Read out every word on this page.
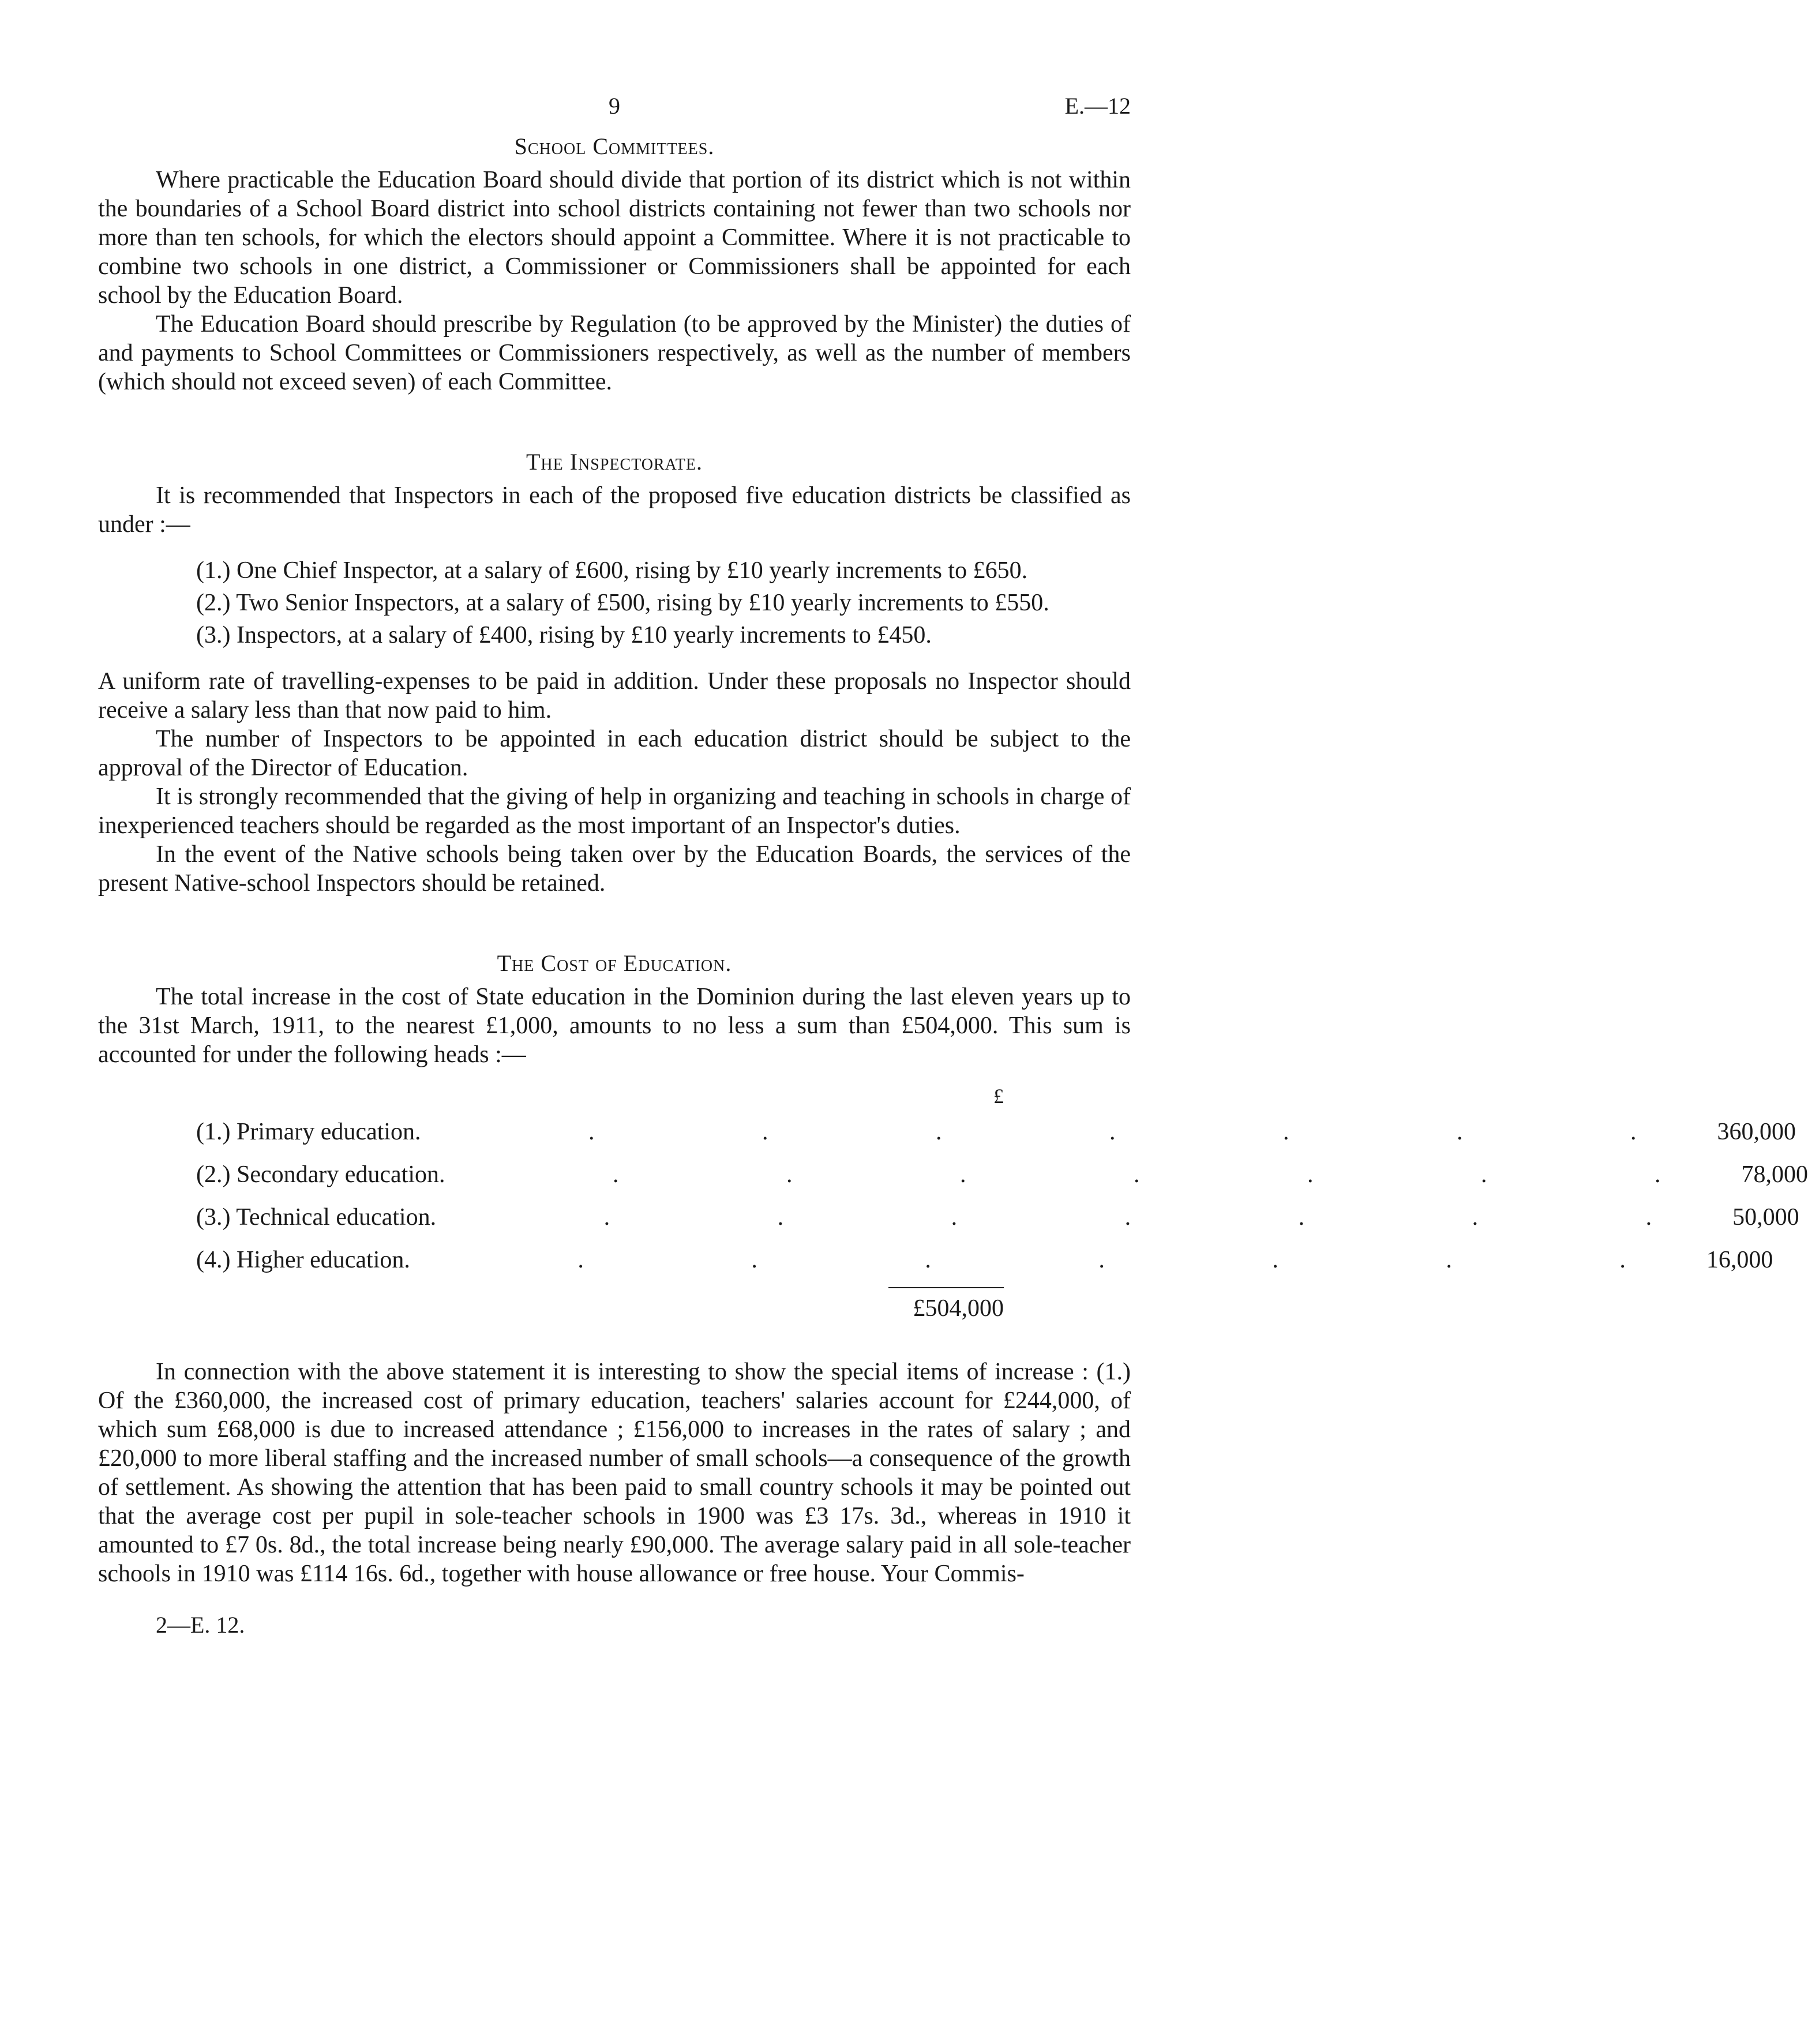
9	E.—12
School Committees.

Where practicable the Education Board should divide that portion of its district which is not within the boundaries of a School Board district into school districts containing not fewer than two schools nor more than ten schools, for which the electors should appoint a Committee. Where it is not practicable to combine two schools in one district, a Commissioner or Commissioners shall be appointed for each school by the Education Board.

The Education Board should prescribe by Regulation (to be approved by the Minister) the duties of and payments to School Committees or Commissioners respectively, as well as the number of members (which should not exceed seven) of each Committee.

The Inspectorate.

It is recommended that Inspectors in each of the proposed five education districts be classified as under :—

(1.) One Chief Inspector, at a salary of £600, rising by £10 yearly increments to £650.
(2.) Two Senior Inspectors, at a salary of £500, rising by £10 yearly increments to £550.
(3.) Inspectors, at a salary of £400, rising by £10 yearly increments to £450.

A uniform rate of travelling-expenses to be paid in addition. Under these proposals no Inspector should receive a salary less than that now paid to him.

The number of Inspectors to be appointed in each education district should be subject to the approval of the Director of Education.

It is strongly recommended that the giving of help in organizing and teaching in schools in charge of inexperienced teachers should be regarded as the most important of an Inspector's duties.

In the event of the Native schools being taken over by the Education Boards, the services of the present Native-school Inspectors should be retained.

The Cost of Education.

The total increase in the cost of State education in the Dominion during the last eleven years up to the 31st March, 1911, to the nearest £1,000, amounts to no less a sum than £504,000. This sum is accounted for under the following heads :—

£
(1.) Primary education . . . . . . . . 360,000
(2.) Secondary education . . . . . . . . 78,000
(3.) Technical education . . . . . . . . 50,000
(4.) Higher education . . . . . . . . 16,000
£504,000

In connection with the above statement it is interesting to show the special items of increase : (1.) Of the £360,000, the increased cost of primary education, teachers' salaries account for £244,000, of which sum £68,000 is due to increased attendance ; £156,000 to increases in the rates of salary ; and £20,000 to more liberal staffing and the increased number of small schools—a consequence of the growth of settlement. As showing the attention that has been paid to small country schools it may be pointed out that the average cost per pupil in sole-teacher schools in 1900 was £3 17s. 3d., whereas in 1910 it amounted to £7 0s. 8d., the total increase being nearly £90,000. The average salary paid in all sole-teacher schools in 1910 was £114 16s. 6d., together with house allowance or free house. Your Commis-

2—E. 12.
